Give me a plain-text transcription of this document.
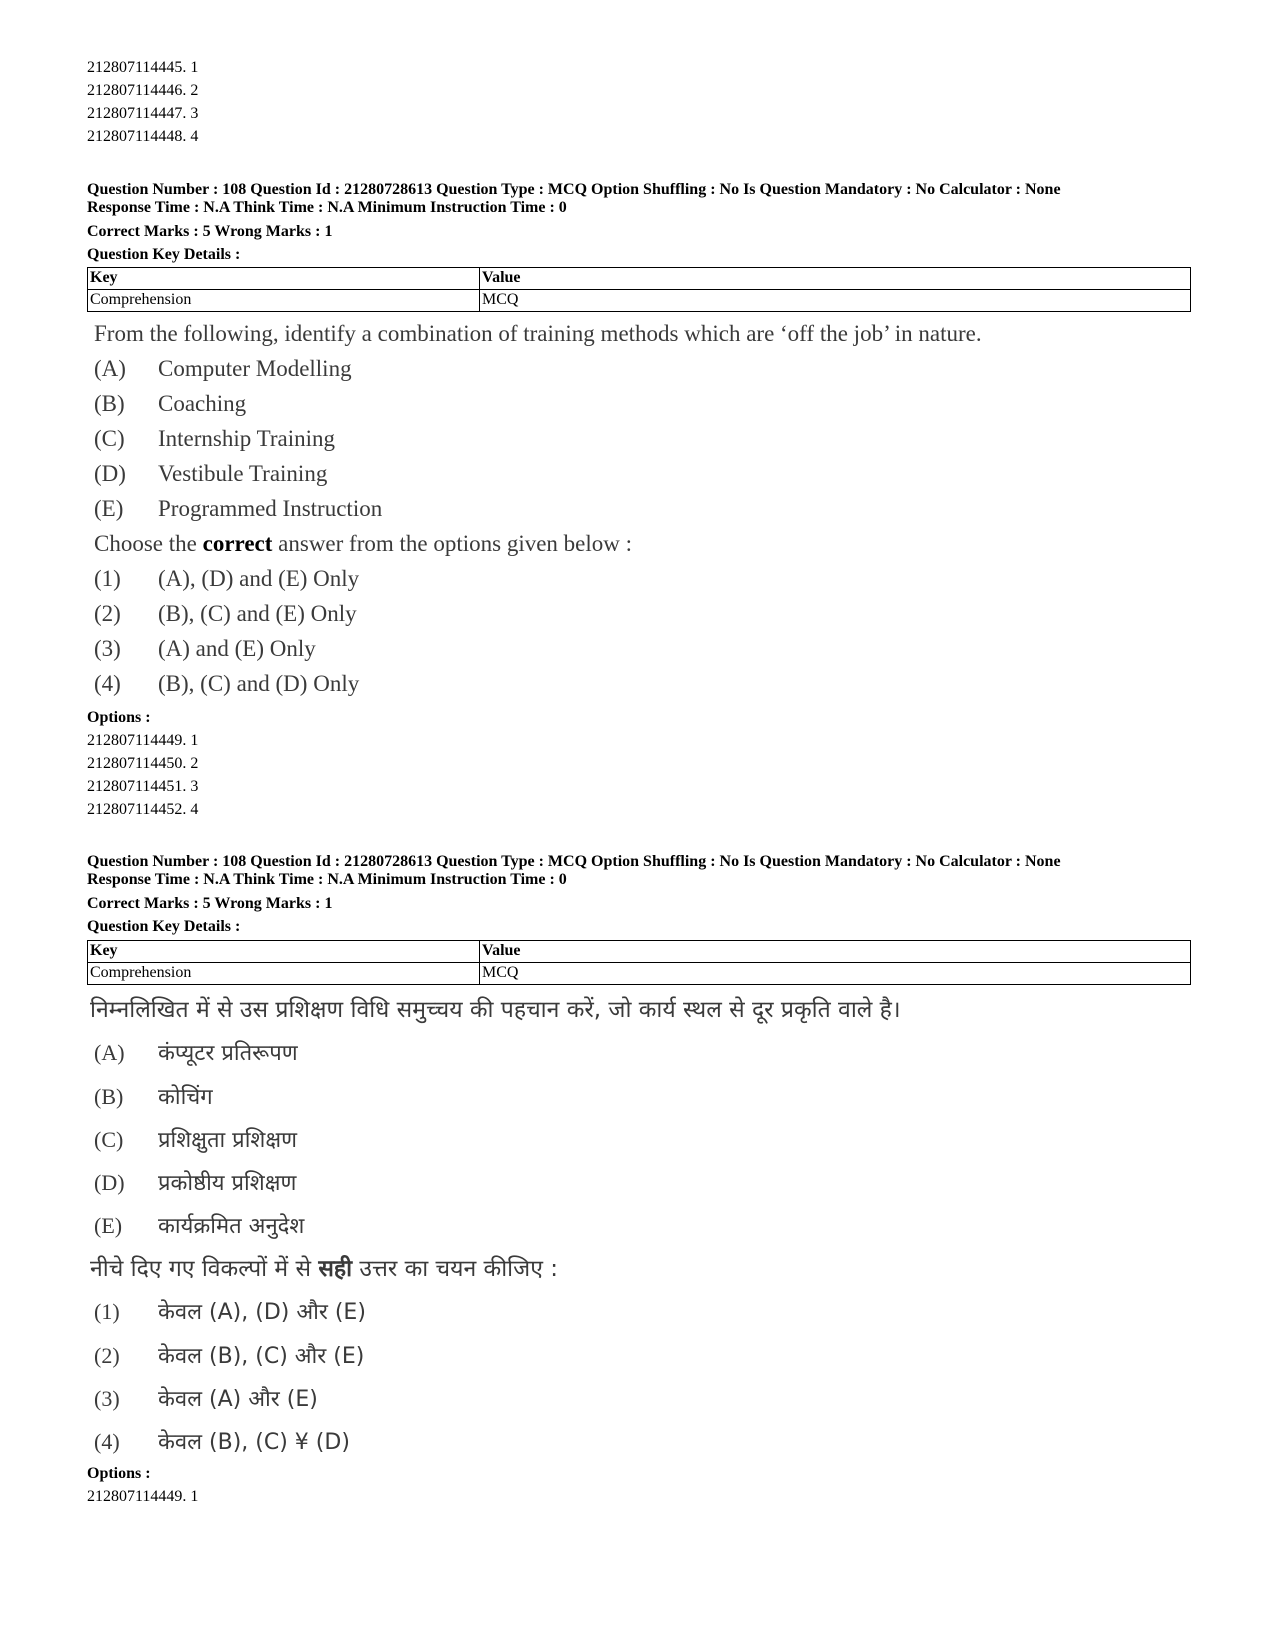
212807114445. 1
212807114446. 2
212807114447. 3
212807114448. 4
Question Number : 108 Question Id : 21280728613 Question Type : MCQ Option Shuffling : No Is Question Mandatory : No Calculator : None
Response Time : N.A Think Time : N.A Minimum Instruction Time : 0
Correct Marks : 5 Wrong Marks : 1
Question Key Details :
Key	Value
Comprehension	MCQ
From the following, identify a combination of training methods which are ‘off the job’ in nature.
(A) Computer Modelling
(B) Coaching
(C) Internship Training
(D) Vestibule Training
(E) Programmed Instruction
Choose the correct answer from the options given below :
(1) (A), (D) and (E) Only
(2) (B), (C) and (E) Only
(3) (A) and (E) Only
(4) (B), (C) and (D) Only
Options :
212807114449. 1
212807114450. 2
212807114451. 3
212807114452. 4
Question Number : 108 Question Id : 21280728613 Question Type : MCQ Option Shuffling : No Is Question Mandatory : No Calculator : None
Response Time : N.A Think Time : N.A Minimum Instruction Time : 0
Correct Marks : 5 Wrong Marks : 1
Question Key Details :
Key	Value
Comprehension	MCQ
निम्नलिखित में से उस प्रशिक्षण विधि समुच्चय की पहचान करें, जो कार्य स्थल से दूर प्रकृति वाले है।
(A) कंप्यूटर प्रतिरूपण
(B) कोचिंग
(C) प्रशिक्षुता प्रशिक्षण
(D) प्रकोष्ठीय प्रशिक्षण
(E) कार्यक्रमित अनुदेश
नीचे दिए गए विकल्पों में से सही उत्तर का चयन कीजिए :
(1) केवल (A), (D) और (E)
(2) केवल (B), (C) और (E)
(3) केवल (A) और (E)
(4) केवल (B), (C) ¥ (D)
Options :
212807114449. 1
